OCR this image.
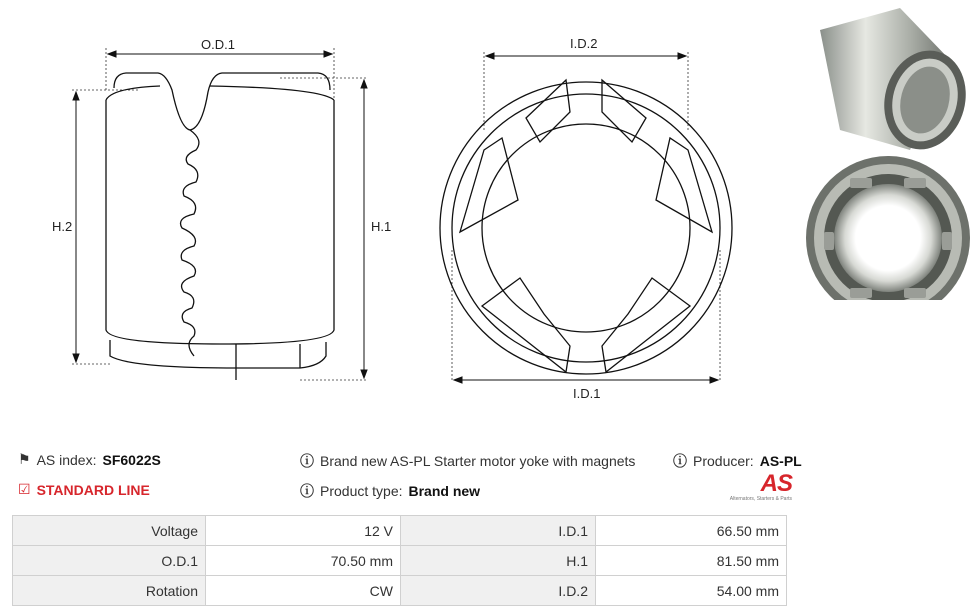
O.D.1
H.2	H.1
I.D.2
I.D.1
⚑ AS index: SF6022S
☑ STANDARD LINE
ⓘ Brand new AS-PL Starter motor yoke with magnets
ⓘ Product type: Brand new
ⓘ Producer: AS-PL
AS
Alternators, Starters & Parts
Voltage	12 V	I.D.1	66.50 mm
O.D.1	70.50 mm	H.1	81.50 mm
Rotation	CW	I.D.2	54.00 mm
